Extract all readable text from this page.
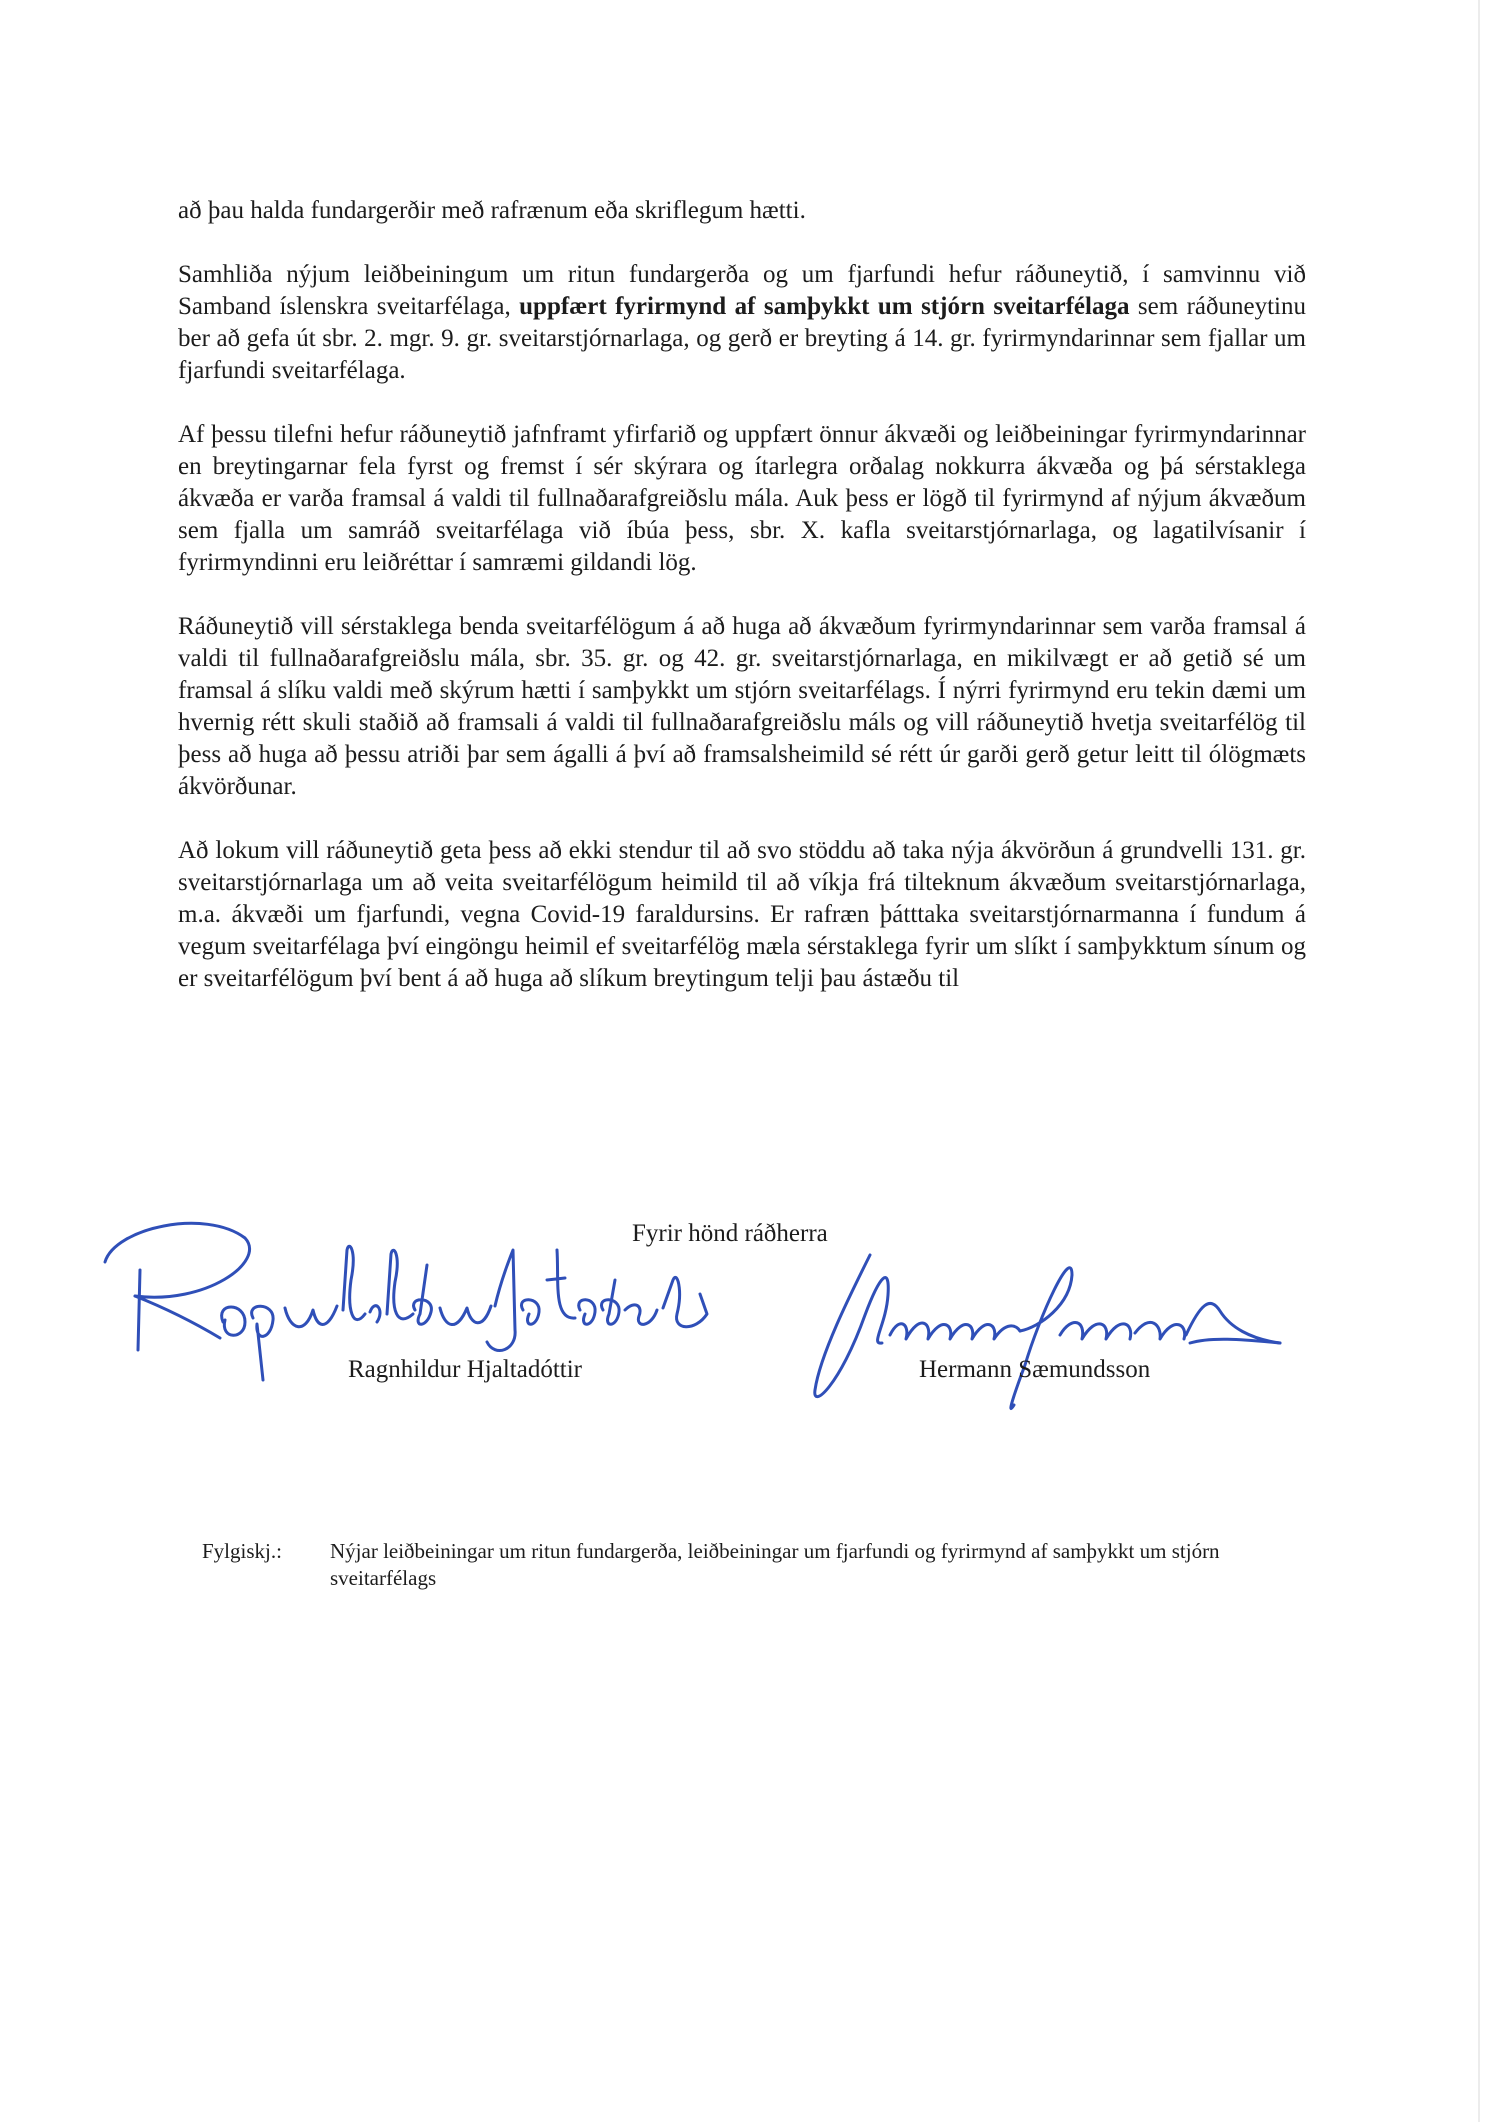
að þau halda fundargerðir með rafrænum eða skriflegum hætti.

Samhliða nýjum leiðbeiningum um ritun fundargerða og um fjarfundi hefur ráðuneytið, í samvinnu við Samband íslenskra sveitarfélaga, uppfært fyrirmynd af samþykkt um stjórn sveitarfélaga sem ráðuneytinu ber að gefa út sbr. 2. mgr. 9. gr. sveitarstjórnarlaga, og gerð er breyting á 14. gr. fyrirmyndarinnar sem fjallar um fjarfundi sveitarfélaga.

Af þessu tilefni hefur ráðuneytið jafnframt yfirfarið og uppfært önnur ákvæði og leiðbeiningar fyrirmyndarinnar en breytingarnar fela fyrst og fremst í sér skýrara og ítarlegra orðalag nokkurra ákvæða og þá sérstaklega ákvæða er varða framsal á valdi til fullnaðarafgreiðslu mála. Auk þess er lögð til fyrirmynd af nýjum ákvæðum sem fjalla um samráð sveitarfélaga við íbúa þess, sbr. X. kafla sveitarstjórnarlaga, og lagatilvísanir í fyrirmyndinni eru leiðréttar í samræmi gildandi lög.

Ráðuneytið vill sérstaklega benda sveitarfélögum á að huga að ákvæðum fyrirmyndarinnar sem varða framsal á valdi til fullnaðarafgreiðslu mála, sbr. 35. gr. og 42. gr. sveitarstjórnarlaga, en mikilvægt er að getið sé um framsal á slíku valdi með skýrum hætti í samþykkt um stjórn sveitarfélags. Í nýrri fyrirmynd eru tekin dæmi um hvernig rétt skuli staðið að framsali á valdi til fullnaðarafgreiðslu máls og vill ráðuneytið hvetja sveitarfélög til þess að huga að þessu atriði þar sem ágalli á því að framsalsheimild sé rétt úr garði gerð getur leitt til ólögmæts ákvörðunar.

Að lokum vill ráðuneytið geta þess að ekki stendur til að svo stöddu að taka nýja ákvörðun á grundvelli 131. gr. sveitarstjórnarlaga um að veita sveitarfélögum heimild til að víkja frá tilteknum ákvæðum sveitarstjórnarlaga, m.a. ákvæði um fjarfundi, vegna Covid-19 faraldursins. Er rafræn þátttaka sveitarstjórnarmanna í fundum á vegum sveitarfélaga því eingöngu heimil ef sveitarfélög mæla sérstaklega fyrir um slíkt í samþykktum sínum og er sveitarfélögum því bent á að huga að slíkum breytingum telji þau ástæðu til

Fyrir hönd ráðherra
Ragnhildur Hjaltadóttir	Hermann Sæmundsson
Fylgiskj.: Nýjar leiðbeiningar um ritun fundargerða, leiðbeiningar um fjarfundi og fyrirmynd af samþykkt um stjórn sveitarfélags
